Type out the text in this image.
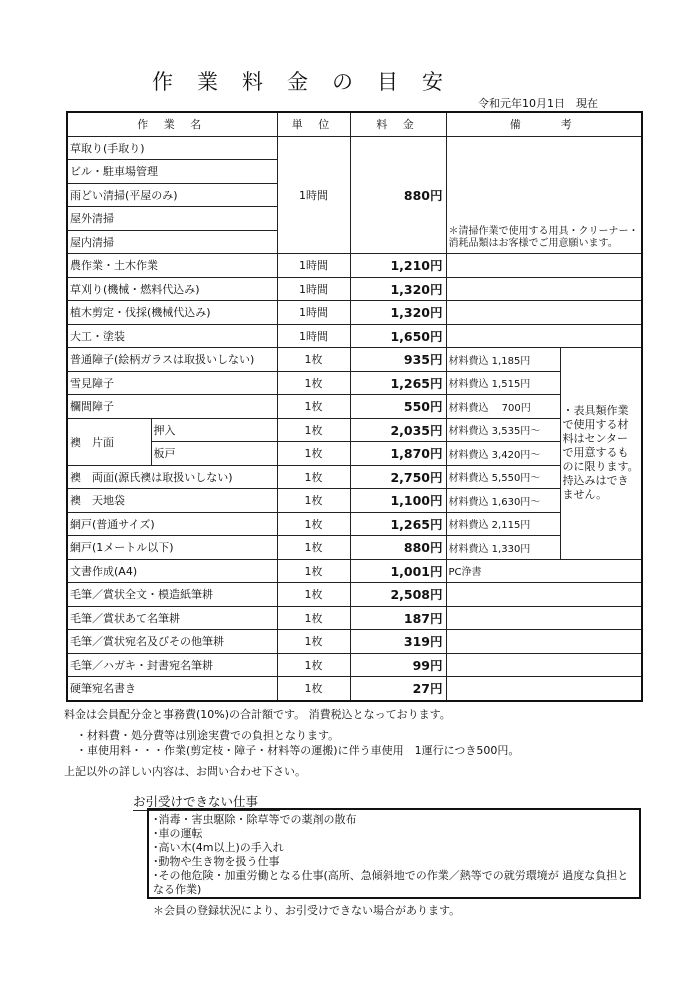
作 業 料 金 の 目 安
令和元年10月1日　現在
作 業 名		単 位	料 金	備　　考	
草取り(手取り)		1時間	880円	＊清掃作業で使用する用具・クリーナー・消耗品類はお客様でご用意願います。	
ビル・駐車場管理					
雨どい清掃(平屋のみ)					
屋外清掃					
屋内清掃					
農作業・土木作業		1時間	1,210円		
草刈り(機械・燃料代込み)		1時間	1,320円		
植木剪定・伐採(機械代込み)		1時間	1,320円		
大工・塗装		1時間	1,650円		
普通障子(絵柄ガラスは取扱いしない)		1枚	935円	材料費込 1,185円	・表具類作業で使用する材料はセンターで用意するものに限ります。持込みはできません。
雪見障子		1枚	1,265円	材料費込 1,515円	
欄間障子		1枚	550円	材料費込　 700円	
襖　片面	押入	1枚	2,035円	材料費込 3,535円～	
	板戸	1枚	1,870円	材料費込 3,420円～	
襖　両面(源氏襖は取扱いしない)		1枚	2,750円	材料費込 5,550円～	
襖　天地袋		1枚	1,100円	材料費込 1,630円～	
網戸(普通サイズ)		1枚	1,265円	材料費込 2,115円	
網戸(1メートル以下)		1枚	880円	材料費込 1,330円	
文書作成(A4)		1枚	1,001円	PC浄書	
毛筆／賞状全文・模造紙筆耕		1枚	2,508円		
毛筆／賞状あて名筆耕		1枚	187円		
毛筆／賞状宛名及びその他筆耕		1枚	319円		
毛筆／ハガキ・封書宛名筆耕		1枚	99円		
硬筆宛名書き		1枚	27円		
料金は会員配分金と事務費(10%)の合計額です。 消費税込となっております。
・材料費・処分費等は別途実費での負担となります。
・車使用料・・・作業(剪定枝・障子・材料等の運搬)に伴う車使用　1運行につき500円。
上記以外の詳しい内容は、お問い合わせ下さい。
お引受けできない仕事
･消毒・害虫駆除・除草等での薬剤の散布
･車の運転
･高い木(4m以上)の手入れ
･動物や生き物を扱う仕事
･その他危険・加重労働となる仕事(高所、急傾斜地での作業／熱等での就労環境が 過度な負担となる作業)
＊会員の登録状況により、お引受けできない場合があります。
